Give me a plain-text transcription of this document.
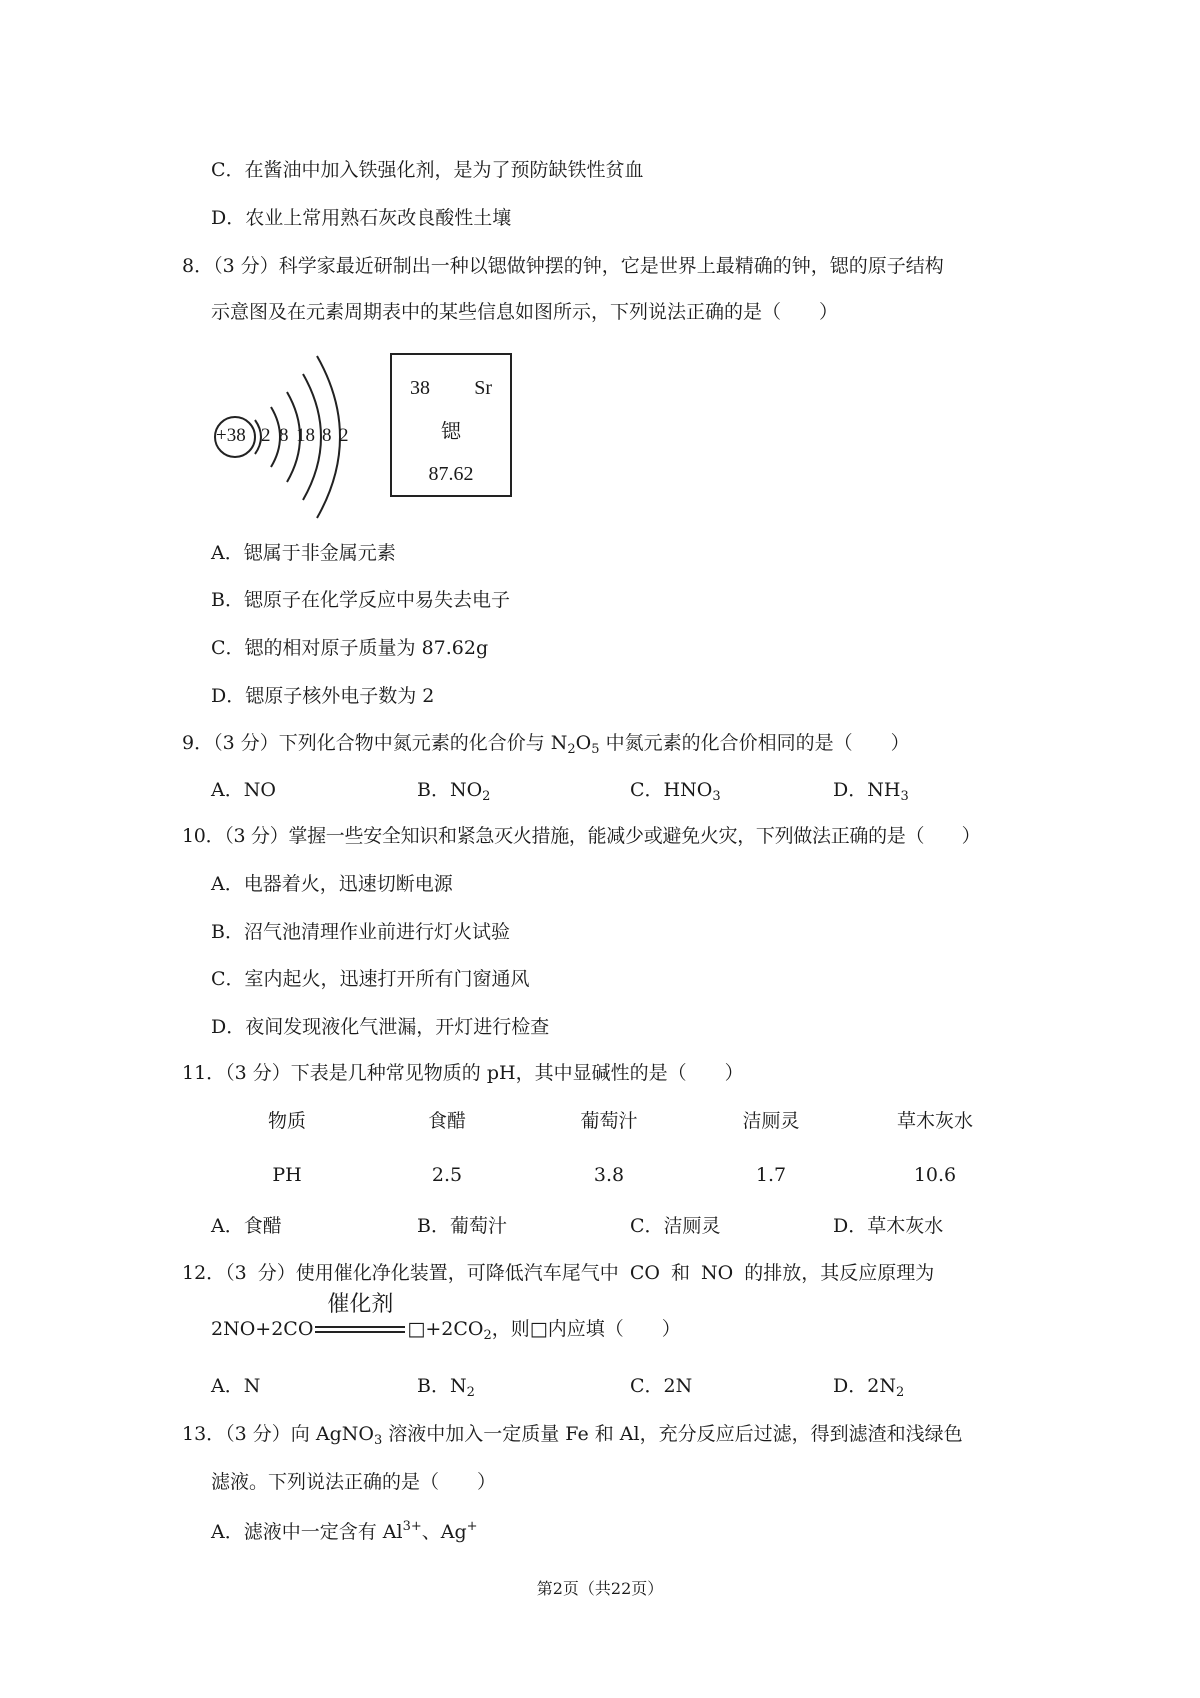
C．在酱油中加入铁强化剂，是为了预防缺铁性贫血
D．农业上常用熟石灰改良酸性土壤
8．（3 分）科学家最近研制出一种以锶做钟摆的钟，它是世界上最精确的钟，锶的原子结构
示意图及在元素周期表中的某些信息如图所示，下列说法正确的是（　　）
+38 2 8 18 8 2
38 Sr
锶
87.62
A．锶属于非金属元素
B．锶原子在化学反应中易失去电子
C．锶的相对原子质量为 87.62g
D．锶原子核外电子数为 2
9．（3 分）下列化合物中氮元素的化合价与 $N_2O_5$ 中氮元素的化合价相同的是（　　）
A．NO	B．$NO_2$	C．$HNO_3$	D．$NH_3$
10．（3 分）掌握一些安全知识和紧急灭火措施，能减少或避免火灾，下列做法正确的是（　　）
A．电器着火，迅速切断电源
B．沼气池清理作业前进行灯火试验
C．室内起火，迅速打开所有门窗通风
D．夜间发现液化气泄漏，开灯进行检查
11．（3 分）下表是几种常见物质的 pH，其中显碱性的是（　　）
物质	食醋	葡萄汁	洁厕灵	草木灰水
PH	2.5	3.8	1.7	10.6
A．食醋	B．葡萄汁	C．洁厕灵	D．草木灰水
12．（3 分）使用催化净化装置，可降低汽车尾气中 CO 和 NO 的排放，其反应原理为
2NO+2CO
催化剂
$□+2CO_2$，则□内应填（　　）
A．N	B．$N_2$	C．2N	D．$2N_2$
13．（3 分）向 AgNO$_3$ 溶液中加入一定质量 Fe 和 Al，充分反应后过滤，得到滤渣和浅绿色
滤液。下列说法正确的是（　　）
A．滤液中一定含有 $Al^{3+}$、Ag+
第2页（共22页）
